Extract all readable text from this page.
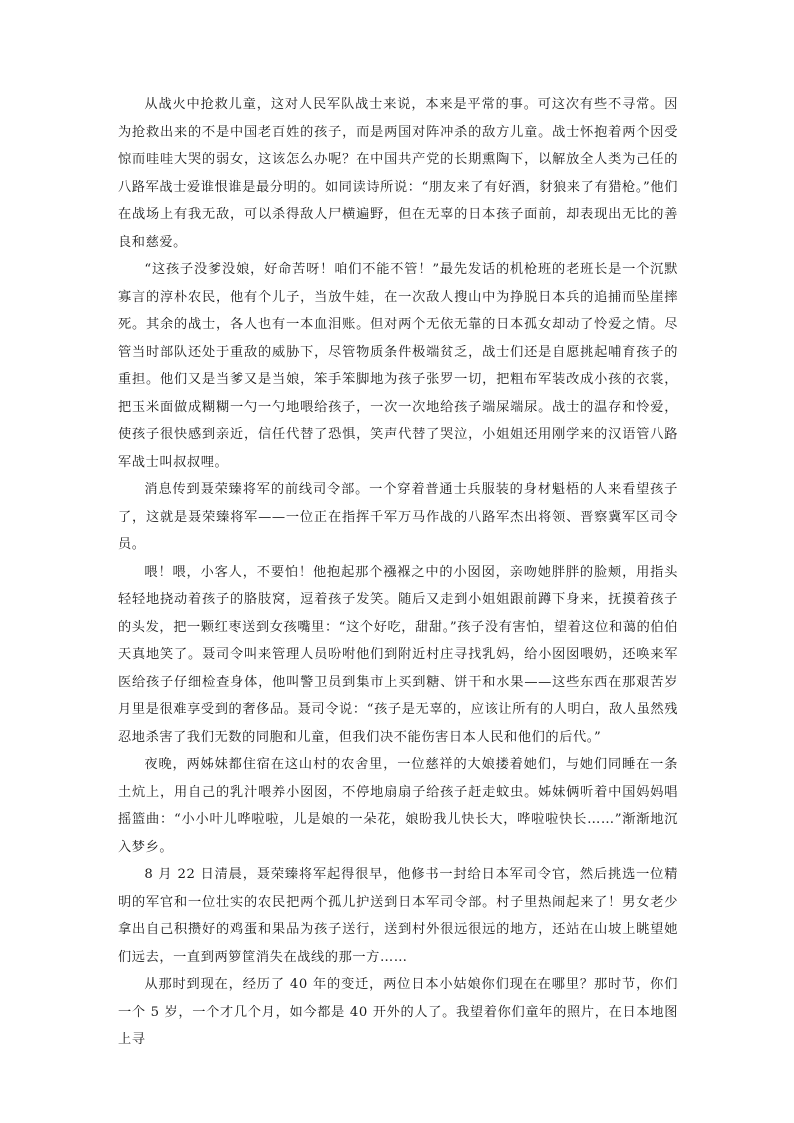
从战火中抢救儿童，这对人民军队战士来说，本来是平常的事。可这次有些不寻常。因为抢救出来的不是中国老百姓的孩子，而是两国对阵冲杀的敌方儿童。战士怀抱着两个因受惊而哇哇大哭的弱女，这该怎么办呢？在中国共产党的长期熏陶下，以解放全人类为己任的八路军战士爱谁恨谁是最分明的。如同读诗所说：“朋友来了有好酒，豺狼来了有猎枪。”他们在战场上有我无敌，可以杀得敌人尸横遍野，但在无辜的日本孩子面前，却表现出无比的善良和慈爱。

“这孩子没爹没娘，好命苦呀！咱们不能不管！”最先发话的机枪班的老班长是一个沉默寡言的淳朴农民，他有个儿子，当放牛娃，在一次敌人搜山中为挣脱日本兵的追捕而坠崖摔死。其余的战士，各人也有一本血泪账。但对两个无依无靠的日本孤女却动了怜爱之情。尽管当时部队还处于重敌的威胁下，尽管物质条件极端贫乏，战士们还是自愿挑起哺育孩子的重担。他们又是当爹又是当娘，笨手笨脚地为孩子张罗一切，把粗布军装改成小孩的衣裳，把玉米面做成糊糊一勺一勺地喂给孩子，一次一次地给孩子端屎端尿。战士的温存和怜爱，使孩子很快感到亲近，信任代替了恐惧，笑声代替了哭泣，小姐姐还用刚学来的汉语管八路军战士叫叔叔哩。

消息传到聂荣臻将军的前线司令部。一个穿着普通士兵服装的身材魁梧的人来看望孩子了，这就是聂荣臻将军——一位正在指挥千军万马作战的八路军杰出将领、晋察冀军区司令员。

喂！喂，小客人，不要怕！他抱起那个襁褓之中的小囡囡，亲吻她胖胖的脸颊，用指头轻轻地挠动着孩子的胳肢窝，逗着孩子发笑。随后又走到小姐姐跟前蹲下身来，抚摸着孩子的头发，把一颗红枣送到女孩嘴里：“这个好吃，甜甜。”孩子没有害怕，望着这位和蔼的伯伯天真地笑了。聂司令叫来管理人员吩咐他们到附近村庄寻找乳妈，给小囡囡喂奶，还唤来军医给孩子仔细检查身体，他叫警卫员到集市上买到糖、饼干和水果——这些东西在那艰苦岁月里是很难享受到的奢侈品。聂司令说：“孩子是无辜的，应该让所有的人明白，敌人虽然残忍地杀害了我们无数的同胞和儿童，但我们决不能伤害日本人民和他们的后代。”

夜晚，两姊妹都住宿在这山村的农舍里，一位慈祥的大娘搂着她们，与她们同睡在一条土炕上，用自己的乳汁喂养小囡囡，不停地扇扇子给孩子赶走蚊虫。姊妹俩听着中国妈妈唱摇篮曲：“小小叶儿哗啦啦，儿是娘的一朵花，娘盼我儿快长大，哗啦啦快长……”渐渐地沉入梦乡。

8 月 22 日清晨，聂荣臻将军起得很早，他修书一封给日本军司令官，然后挑选一位精明的军官和一位壮实的农民把两个孤儿护送到日本军司令部。村子里热闹起来了！男女老少拿出自己积攒好的鸡蛋和果品为孩子送行，送到村外很远很远的地方，还站在山坡上眺望她们远去，一直到两箩筐消失在战线的那一方……

从那时到现在，经历了 40 年的变迁，两位日本小姑娘你们现在在哪里？那时节，你们一个 5 岁，一个才几个月，如今都是 40 开外的人了。我望着你们童年的照片，在日本地图上寻
